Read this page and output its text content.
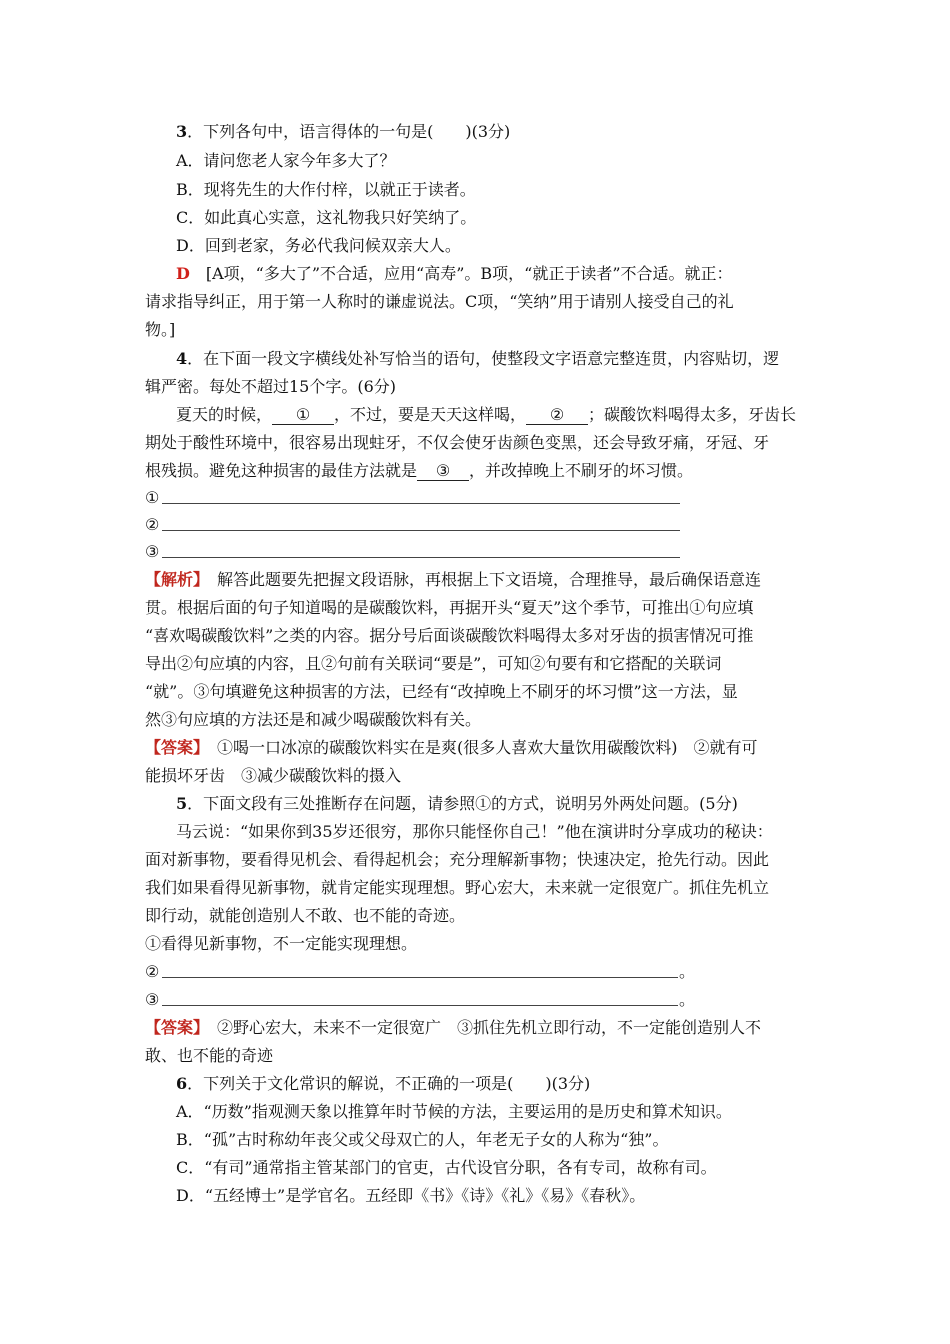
3．下列各句中，语言得体的一句是(　　)(3分)
A．请问您老人家今年多大了？
B．现将先生的大作付梓，以就正于读者。
C．如此真心实意，这礼物我只好笑纳了。
D．回到老家，务必代我问候双亲大人。
D　[A项，“多大了”不合适，应用“高寿”。B项，“就正于读者”不合适。就正：
请求指导纠正，用于第一人称时的谦虚说法。C项，“笑纳”用于请别人接受自己的礼
物。]
4．在下面一段文字横线处补写恰当的语句，使整段文字语意完整连贯，内容贴切，逻
辑严密。每处不超过15个字。(6分)
夏天的时候， ① ，不过，要是天天这样喝， ② ；碳酸饮料喝得太多，牙齿长
期处于酸性环境中，很容易出现蛀牙，不仅会使牙齿颜色变黑，还会导致牙痛，牙冠、牙
根残损。避免这种损害的最佳方法就是 ③ ，并改掉晚上不刷牙的坏习惯。
①
②
③
【解析】　解答此题要先把握文段语脉，再根据上下文语境，合理推导，最后确保语意连
贯。根据后面的句子知道喝的是碳酸饮料，再据开头“夏天”这个季节，可推出①句应填
“喜欢喝碳酸饮料”之类的内容。据分号后面谈碳酸饮料喝得太多对牙齿的损害情况可推
导出②句应填的内容，且②句前有关联词“要是”，可知②句要有和它搭配的关联词
“就”。③句填避免这种损害的方法，已经有“改掉晚上不刷牙的坏习惯”这一方法，显
然③句应填的方法还是和减少喝碳酸饮料有关。
【答案】　①喝一口冰凉的碳酸饮料实在是爽(很多人喜欢大量饮用碳酸饮料)　②就有可
能损坏牙齿　③减少碳酸饮料的摄入
5．下面文段有三处推断存在问题，请参照①的方式，说明另外两处问题。(5分)
马云说：“如果你到35岁还很穷，那你只能怪你自己！”他在演讲时分享成功的秘诀：
面对新事物，要看得见机会、看得起机会；充分理解新事物；快速决定，抢先行动。因此
我们如果看得见新事物，就肯定能实现理想。野心宏大，未来就一定很宽广。抓住先机立
即行动，就能创造别人不敢、也不能的奇迹。
①看得见新事物，不一定能实现理想。
②	。
③	。
【答案】　②野心宏大，未来不一定很宽广　③抓住先机立即行动，不一定能创造别人不
敢、也不能的奇迹
6．下列关于文化常识的解说，不正确的一项是(　　)(3分)
A．“历数”指观测天象以推算年时节候的方法，主要运用的是历史和算术知识。
B．“孤”古时称幼年丧父或父母双亡的人，年老无子女的人称为“独”。
C．“有司”通常指主管某部门的官吏，古代设官分职，各有专司，故称有司。
D．“五经博士”是学官名。五经即《书》《诗》《礼》《易》《春秋》。
